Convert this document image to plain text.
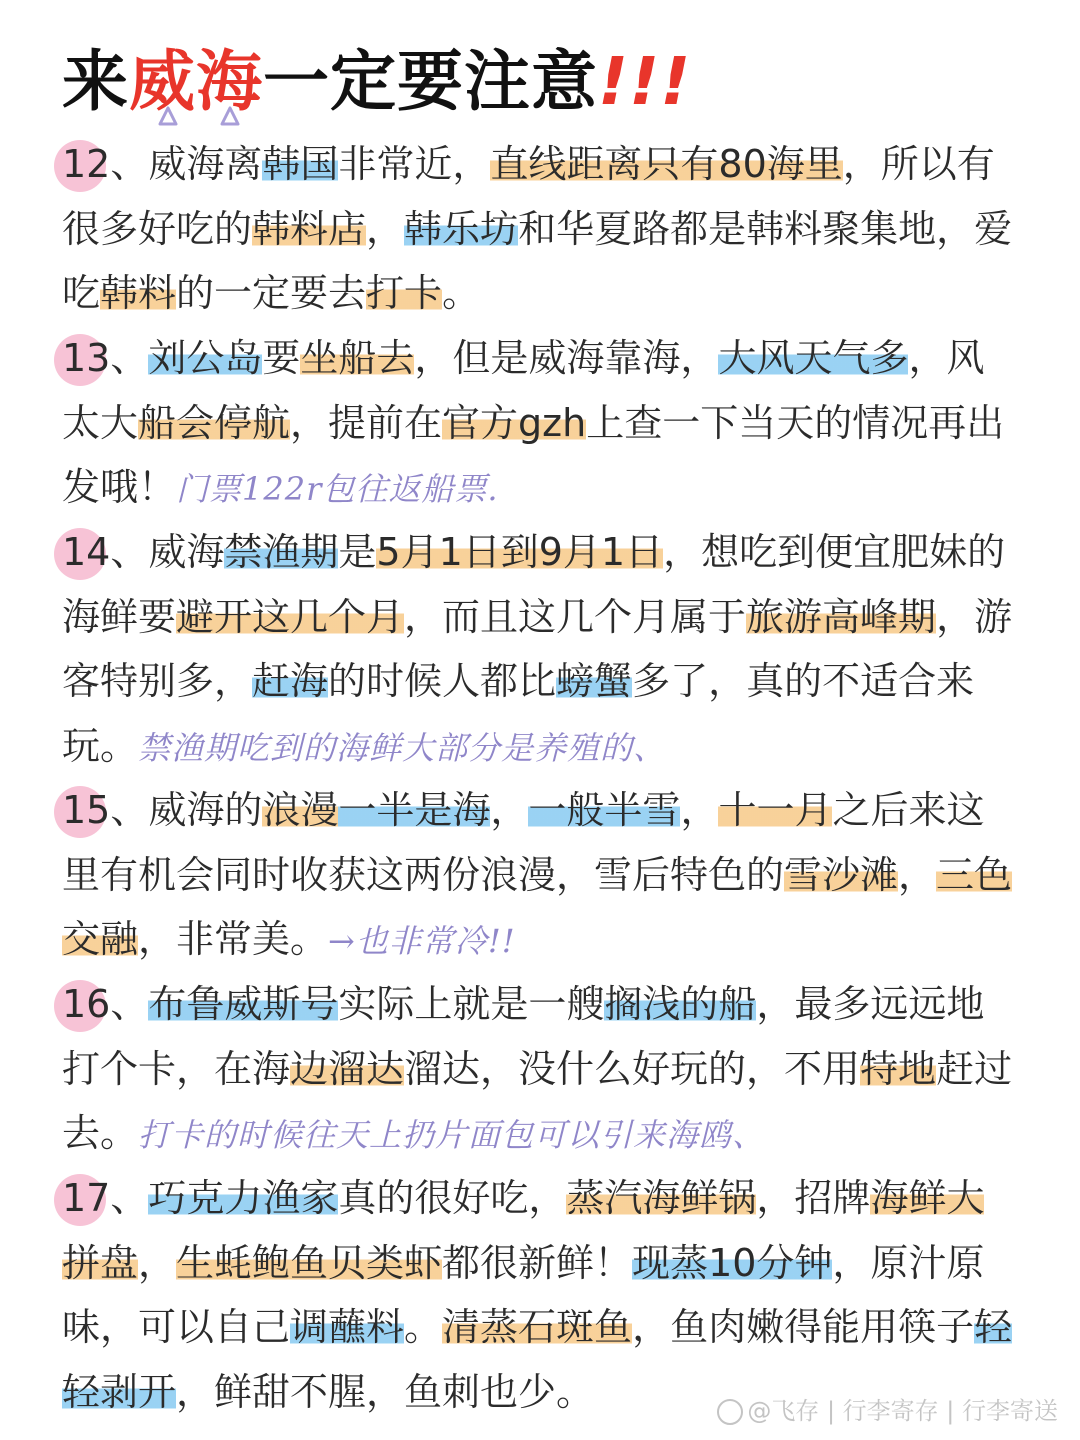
来威海一定要注意!!!
12、威海离韩国非常近，直线距离只有80海里，所以有很多好吃的韩料店，韩乐坊和华夏路都是韩料聚集地，爱吃韩料的一定要去打卡。
13、刘公岛要坐船去，但是威海靠海，大风天气多，风太大船会停航，提前在官方gzh上查一下当天的情况再出发哦！门票122r包往返船票.
14、威海禁渔期是5月1日到9月1日，想吃到便宜肥妹的海鲜要避开这几个月，而且这几个月属于旅游高峰期，游客特别多，赶海的时候人都比螃蟹多了，真的不适合来玩。禁渔期吃到的海鲜大部分是养殖的、
15、威海的浪漫一半是海，一般半雪，十一月之后来这里有机会同时收获这两份浪漫，雪后特色的雪沙滩，三色交融，非常美。→也非常冷!!
16、布鲁威斯号实际上就是一艘搁浅的船，最多远远地打个卡，在海边溜达溜达，没什么好玩的，不用特地赶过去。打卡的时候往天上扔片面包可以引来海鸥、
17、巧克力渔家真的很好吃，蒸汽海鲜锅，招牌海鲜大拼盘，生蚝鲍鱼贝类虾都很新鲜！现蒸10分钟，原汁原味，可以自己调蘸料。清蒸石斑鱼，鱼肉嫩得能用筷子轻轻剥开，鲜甜不腥，鱼刺也少。	@飞存 | 行李寄存 | 行李寄送
